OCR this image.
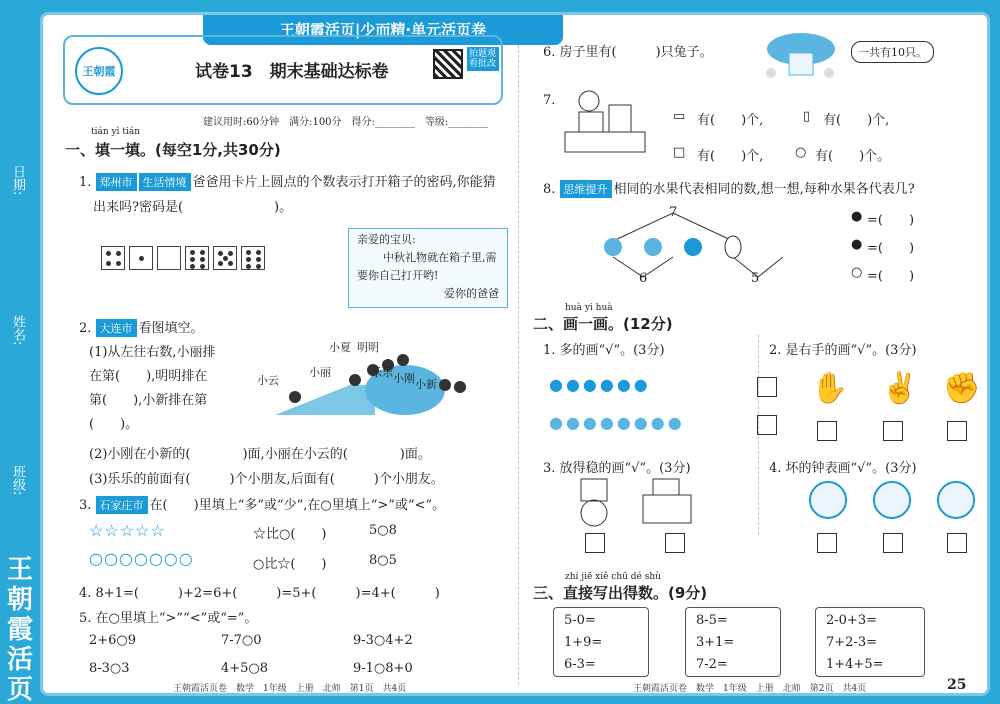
日期:
姓名:
班级:
王朝霞活页
王朝霞活页|少而精·单元活页卷
王朝霞	试卷13　期末基础达标卷
拍题观看批改
建议用时:60分钟　满分:100分　得分:________　等级:________
tián yì tián
一、填一填。(每空1分,共30分)
1. 郑州市 生活情境 爸爸用卡片上圆点的个数表示打开箱子的密码,你能猜
出来吗?密码是(　　　　　　　)。
亲爱的宝贝:
中秋礼物就在箱子里,需
要你自己打开哟!
爱你的爸爸
2. 大连市 看图填空。
(1)从左往右数,小丽排
在第(　　),明明排在
第(　　),小新排在第
(　　)。
小夏 明明
小云
小丽	乐乐 小刚 小新
(2)小刚在小新的(　　　　)面,小丽在小云的(　　　　)面。
(3)乐乐的前面有(　　　)个小朋友,后面有(　　　)个小朋友。
3. 石家庄市 在(　　)里填上“多”或“少”,在○里填上“>”或“<”。
☆☆☆☆☆	☆比○(　　)	5○8
○○○○○○○	○比☆(　　)	8○5
4. 8+1=(　　　)+2=6+(　　　)=5+(　　　)=4+(　　　)
5. 在○里填上“>”“<”或“=”。
2+6○9	7-7○0	9-3○4+2
8-3○3	4+5○8	9-1○8+0
王朝霞活页卷　数学　1年级　上册　北师　第1页　共4页
6. 房子里有(　　　)只兔子。	一共有10只。
7.
▭ 有(　　)个,	▯ 有(　　)个,
□ 有(　　)个, ○ 有(　　)个。
8. 思维提升 相同的水果代表相同的数,想一想,每种水果各代表几?
7
6	5
● =(　　)
● =(　　)
○ =(　　)
huà yi huà
二、画一画。(12分)
1. 多的画“√”。(3分)	2. 是右手的画“√”。(3分)
●●●●●●
●●●●●●●●
✋ ✌ ✊
3. 放得稳的画“√”。(3分)	4. 坏的钟表画“√”。(3分)
zhí jiē xiě chū dé shù
三、直接写出得数。(9分)
5-0=
1+9=
6-3=
8-5=
3+1=
7-2=
2-0+3=
7+2-3=
1+4+5=
王朝霞活页卷　数学　1年级　上册　北师　第2页　共4页	25
